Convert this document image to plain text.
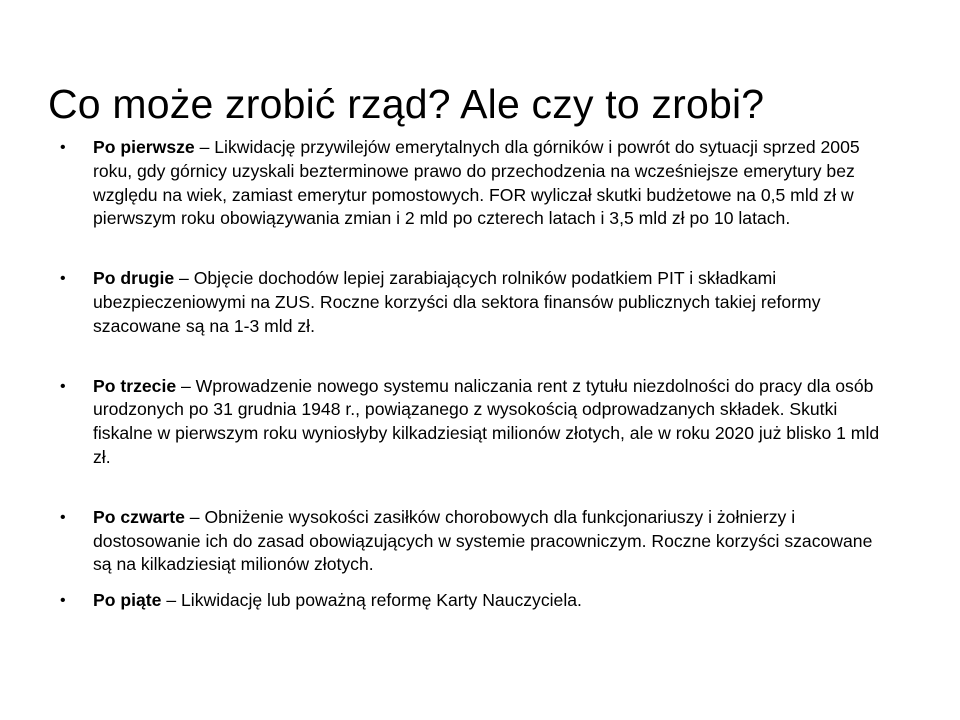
Co może zrobić rząd? Ale czy to zrobi?
• Po pierwsze – Likwidację przywilejów emerytalnych dla górników i powrót do sytuacji sprzed 2005 roku, gdy górnicy uzyskali bezterminowe prawo do przechodzenia na wcześniejsze emerytury bez względu na wiek, zamiast emerytur pomostowych. FOR wyliczał skutki budżetowe na 0,5 mld zł w pierwszym roku obowiązywania zmian i 2 mld po czterech latach i 3,5 mld zł po 10 latach.
• Po drugie – Objęcie dochodów lepiej zarabiających rolników podatkiem PIT i składkami ubezpieczeniowymi na ZUS. Roczne korzyści dla sektora finansów publicznych takiej reformy szacowane są na 1-3 mld zł.
• Po trzecie – Wprowadzenie nowego systemu naliczania rent z tytułu niezdolności do pracy dla osób urodzonych po 31 grudnia 1948 r., powiązanego z wysokością odprowadzanych składek. Skutki fiskalne w pierwszym roku wyniosłyby kilkadziesiąt milionów złotych, ale w roku 2020 już blisko 1 mld zł.
• Po czwarte – Obniżenie wysokości zasiłków chorobowych dla funkcjonariuszy i żołnierzy i dostosowanie ich do zasad obowiązujących w systemie pracowniczym. Roczne korzyści szacowane są na kilkadziesiąt milionów złotych.
• Po piąte – Likwidację lub poważną reformę Karty Nauczyciela.
